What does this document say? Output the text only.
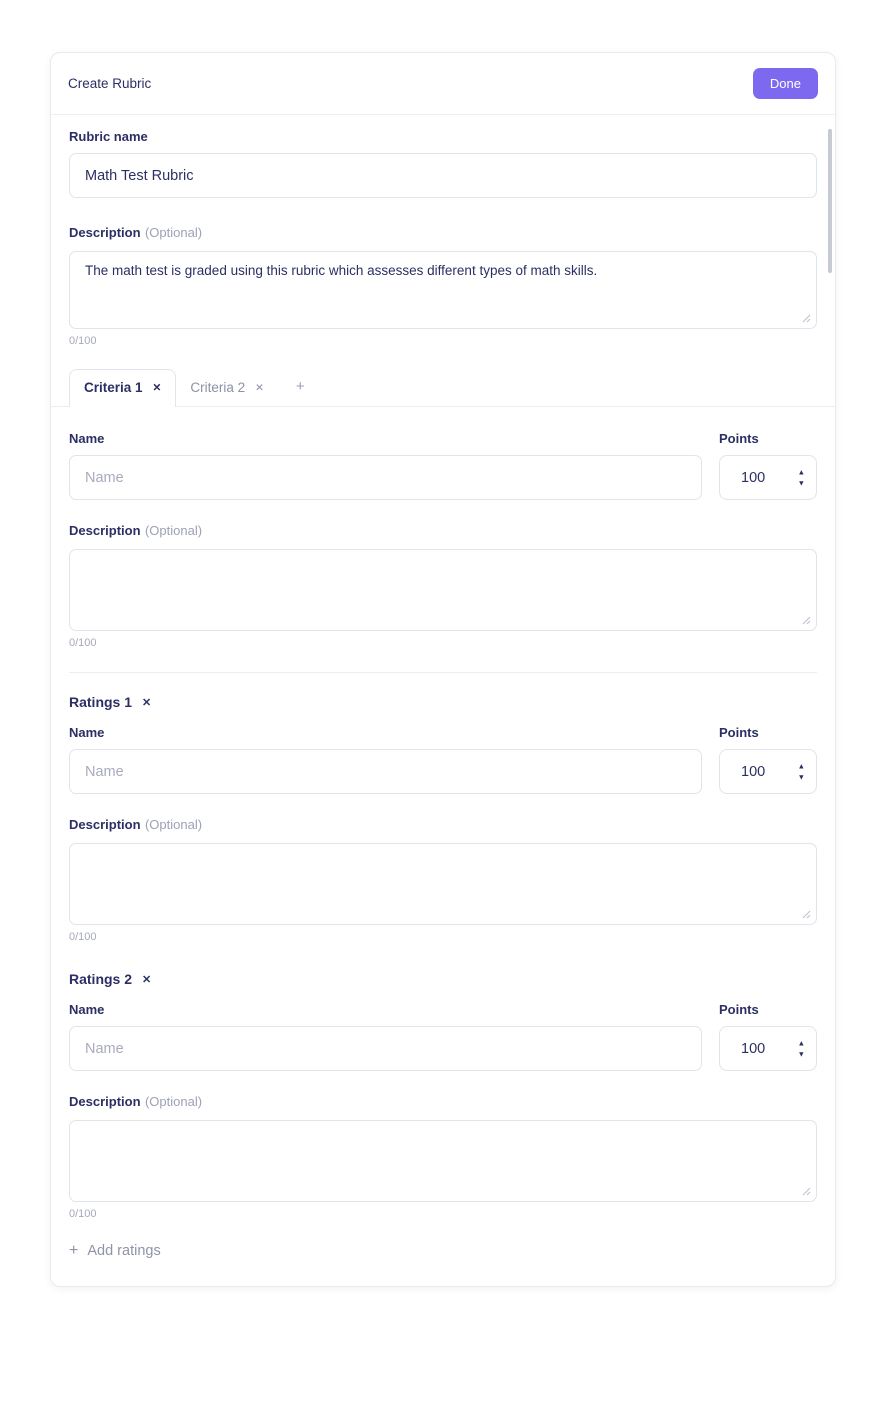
Create Rubric	Done
Rubric name
Math Test Rubric
Description (Optional)
The math test is graded using this rubric which assesses different types of math skills.
0/100
Criteria 1 ✕ Criteria 2 ✕	+
Name	Points
Name
100
▲
▼
Description (Optional)
0/100
Ratings 1 ✕
Name	Points
Name
100
▲
▼
Description (Optional)
0/100
Ratings 2 ✕
Name	Points
Name
100
▲
▼
Description (Optional)
0/100
+ Add ratings
